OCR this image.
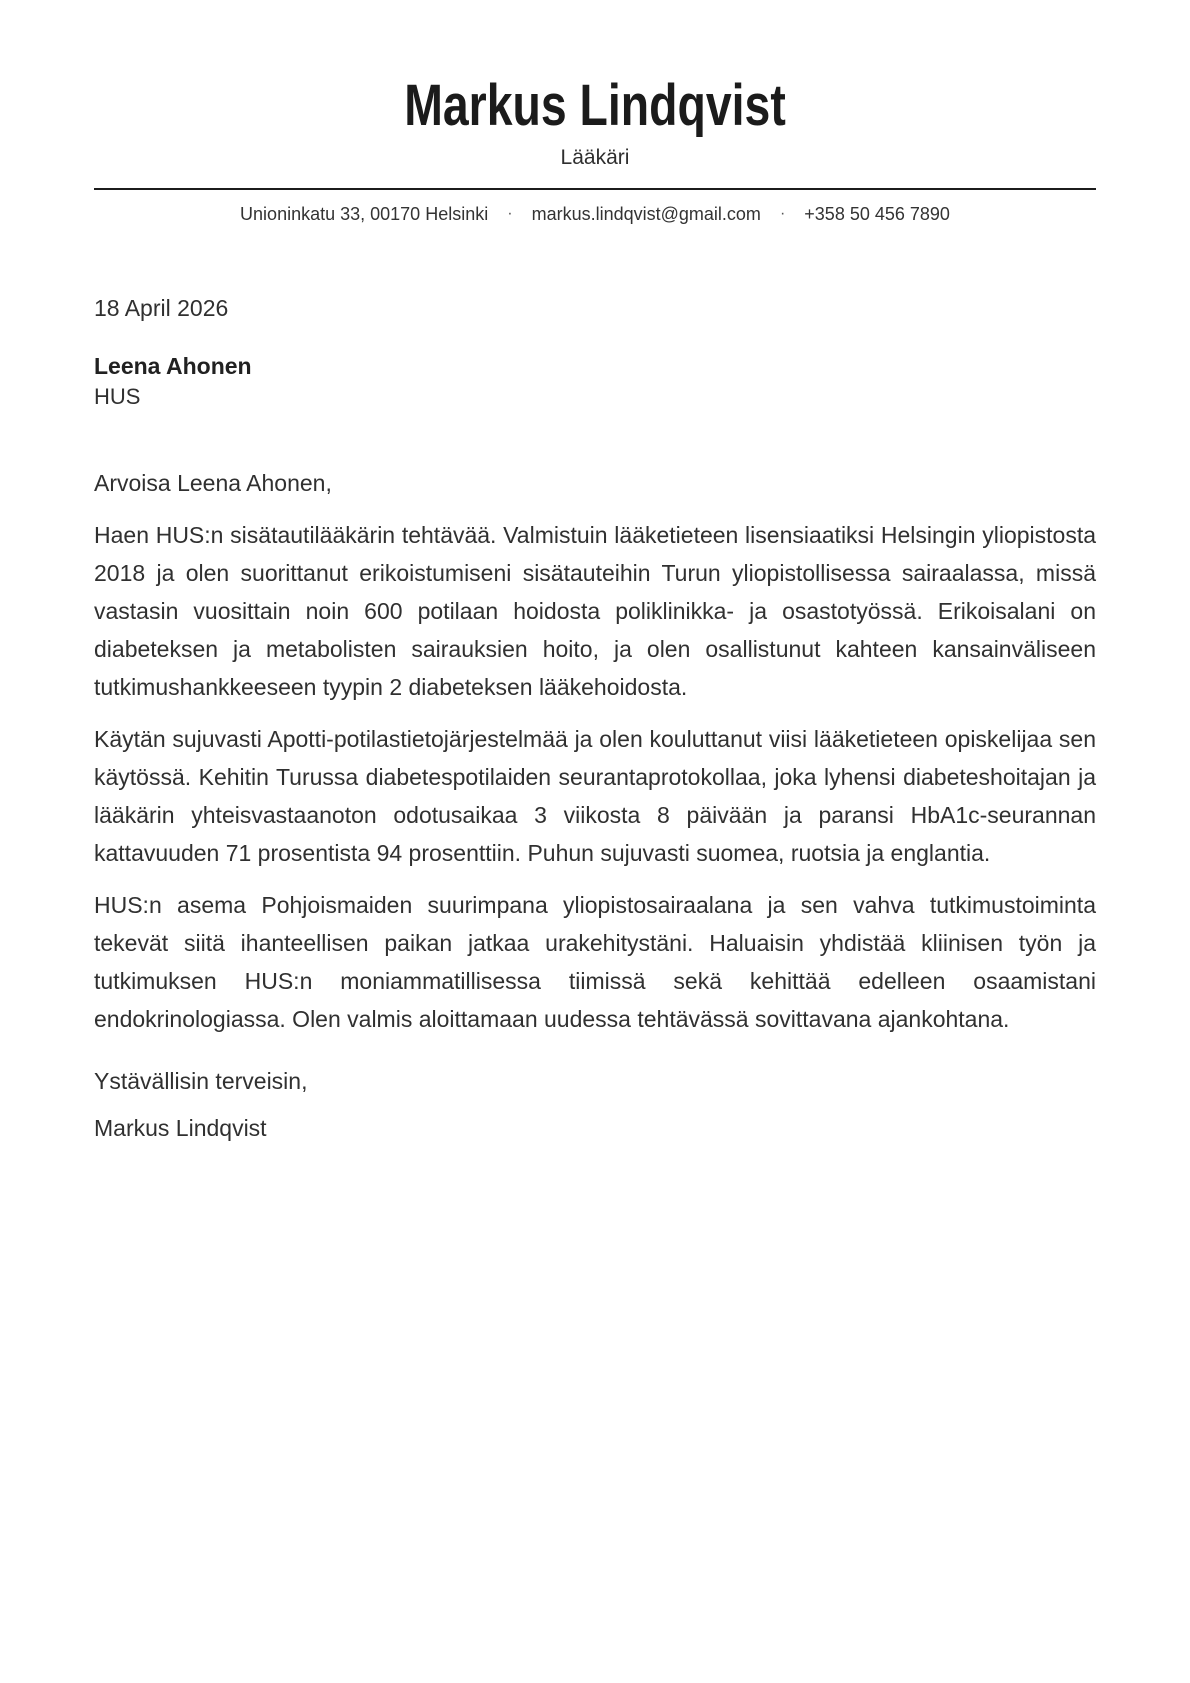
Markus Lindqvist
Lääkäri
Unioninkatu 33, 00170 Helsinki · markus.lindqvist@gmail.com · +358 50 456 7890
18 April 2026
Leena Ahonen
HUS

Arvoisa Leena Ahonen,

Haen HUS:n sisätautilääkärin tehtävää. Valmistuin lääketieteen lisensiaatiksi Helsingin yliopistosta 2018 ja olen suorittanut erikoistumiseni sisätauteihin Turun yliopistollisessa sairaalassa, missä vastasin vuosittain noin 600 potilaan hoidosta poliklinikka- ja osastotyössä. Erikoisalani on diabeteksen ja metabolisten sairauksien hoito, ja olen osallistunut kahteen kansainväliseen tutkimushankkeeseen tyypin 2 diabeteksen lääkehoidosta.

Käytän sujuvasti Apotti-potilastietojärjestelmää ja olen kouluttanut viisi lääketieteen opiskelijaa sen käytössä. Kehitin Turussa diabetespotilaiden seurantaprotokollaa, joka lyhensi diabeteshoitajan ja lääkärin yhteisvastaanoton odotusaikaa 3 viikosta 8 päivään ja paransi HbA1c-seurannan kattavuuden 71 prosentista 94 prosenttiin. Puhun sujuvasti suomea, ruotsia ja englantia.

HUS:n asema Pohjoismaiden suurimpana yliopistosairaalana ja sen vahva tutkimustoiminta tekevät siitä ihanteellisen paikan jatkaa urakehitystäni. Haluaisin yhdistää kliinisen työn ja tutkimuksen HUS:n moniammatillisessa tiimissä sekä kehittää edelleen osaamistani endokrinologiassa. Olen valmis aloittamaan uudessa tehtävässä sovittavana ajankohtana.

Ystävällisin terveisin,

Markus Lindqvist
